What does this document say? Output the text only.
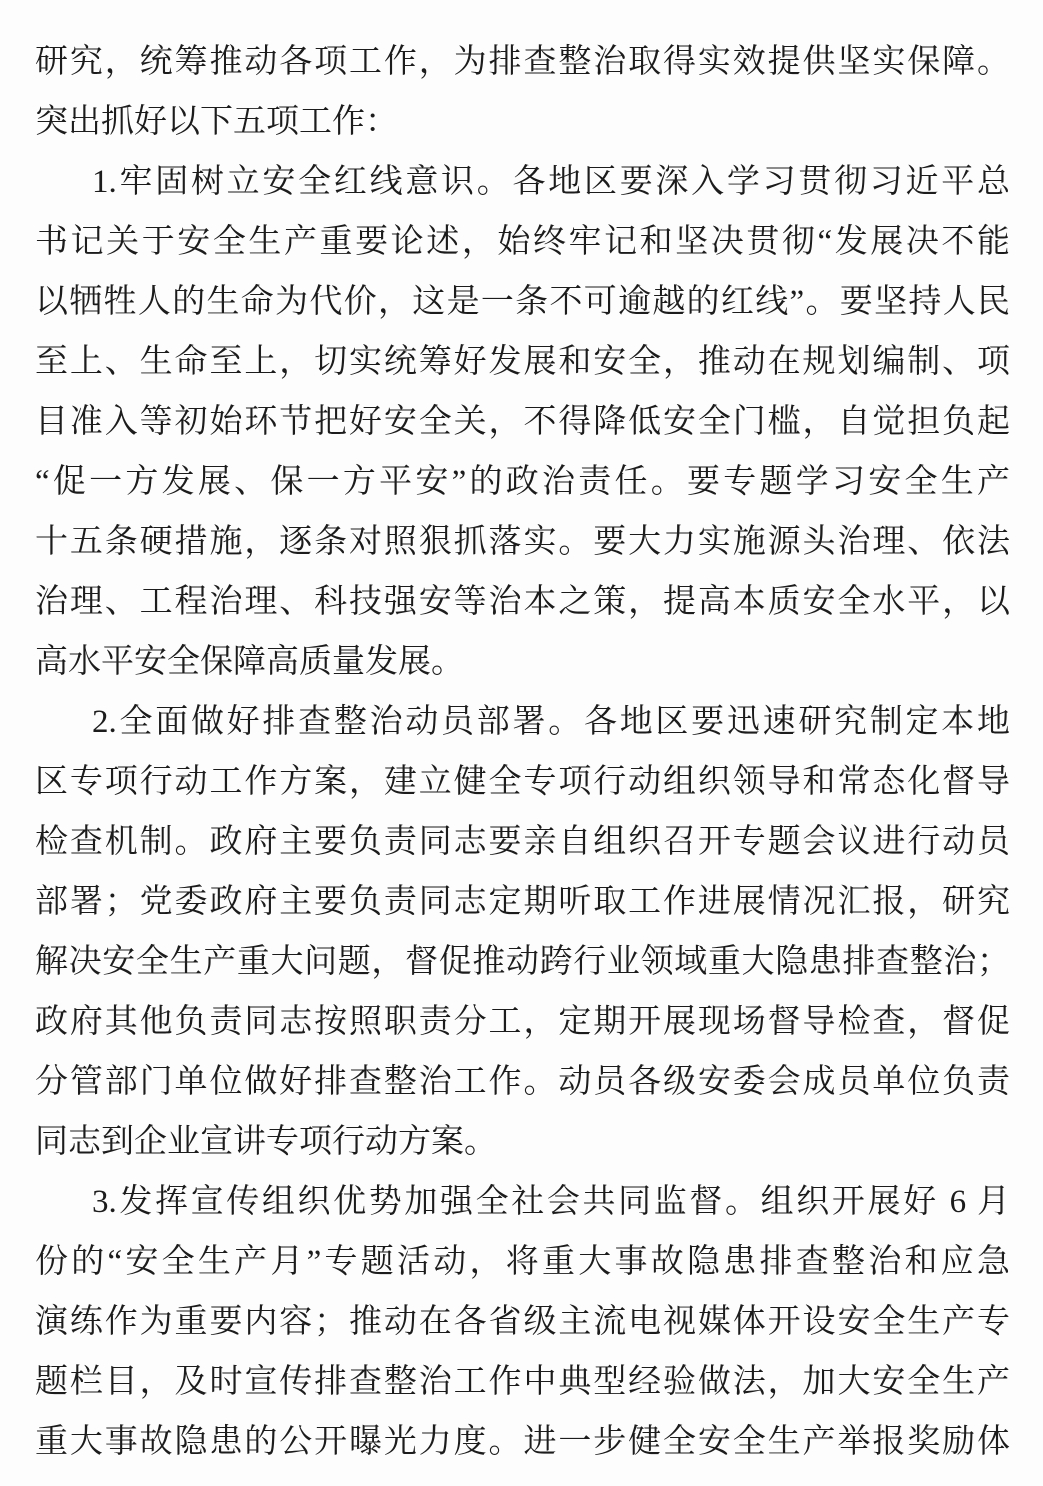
研究，统筹推动各项工作，为排查整治取得实效提供坚实保障。
突出抓好以下五项工作：
1.牢固树立安全红线意识。各地区要深入学习贯彻习近平总
书记关于安全生产重要论述，始终牢记和坚决贯彻“发展决不能
以牺牲人的生命为代价，这是一条不可逾越的红线”。要坚持人民
至上、生命至上，切实统筹好发展和安全，推动在规划编制、项
目准入等初始环节把好安全关，不得降低安全门槛，自觉担负起
“促一方发展、保一方平安”的政治责任。要专题学习安全生产
十五条硬措施，逐条对照狠抓落实。要大力实施源头治理、依法
治理、工程治理、科技强安等治本之策，提高本质安全水平，以
高水平安全保障高质量发展。
2.全面做好排查整治动员部署。各地区要迅速研究制定本地
区专项行动工作方案，建立健全专项行动组织领导和常态化督导
检查机制。政府主要负责同志要亲自组织召开专题会议进行动员
部署；党委政府主要负责同志定期听取工作进展情况汇报，研究
解决安全生产重大问题，督促推动跨行业领域重大隐患排查整治；
政府其他负责同志按照职责分工，定期开展现场督导检查，督促
分管部门单位做好排查整治工作。动员各级安委会成员单位负责
同志到企业宣讲专项行动方案。
3.发挥宣传组织优势加强全社会共同监督。组织开展好 6 月
份的“安全生产月”专题活动，将重大事故隐患排查整治和应急
演练作为重要内容；推动在各省级主流电视媒体开设安全生产专
题栏目，及时宣传排查整治工作中典型经验做法，加大安全生产
重大事故隐患的公开曝光力度。进一步健全安全生产举报奖励体
